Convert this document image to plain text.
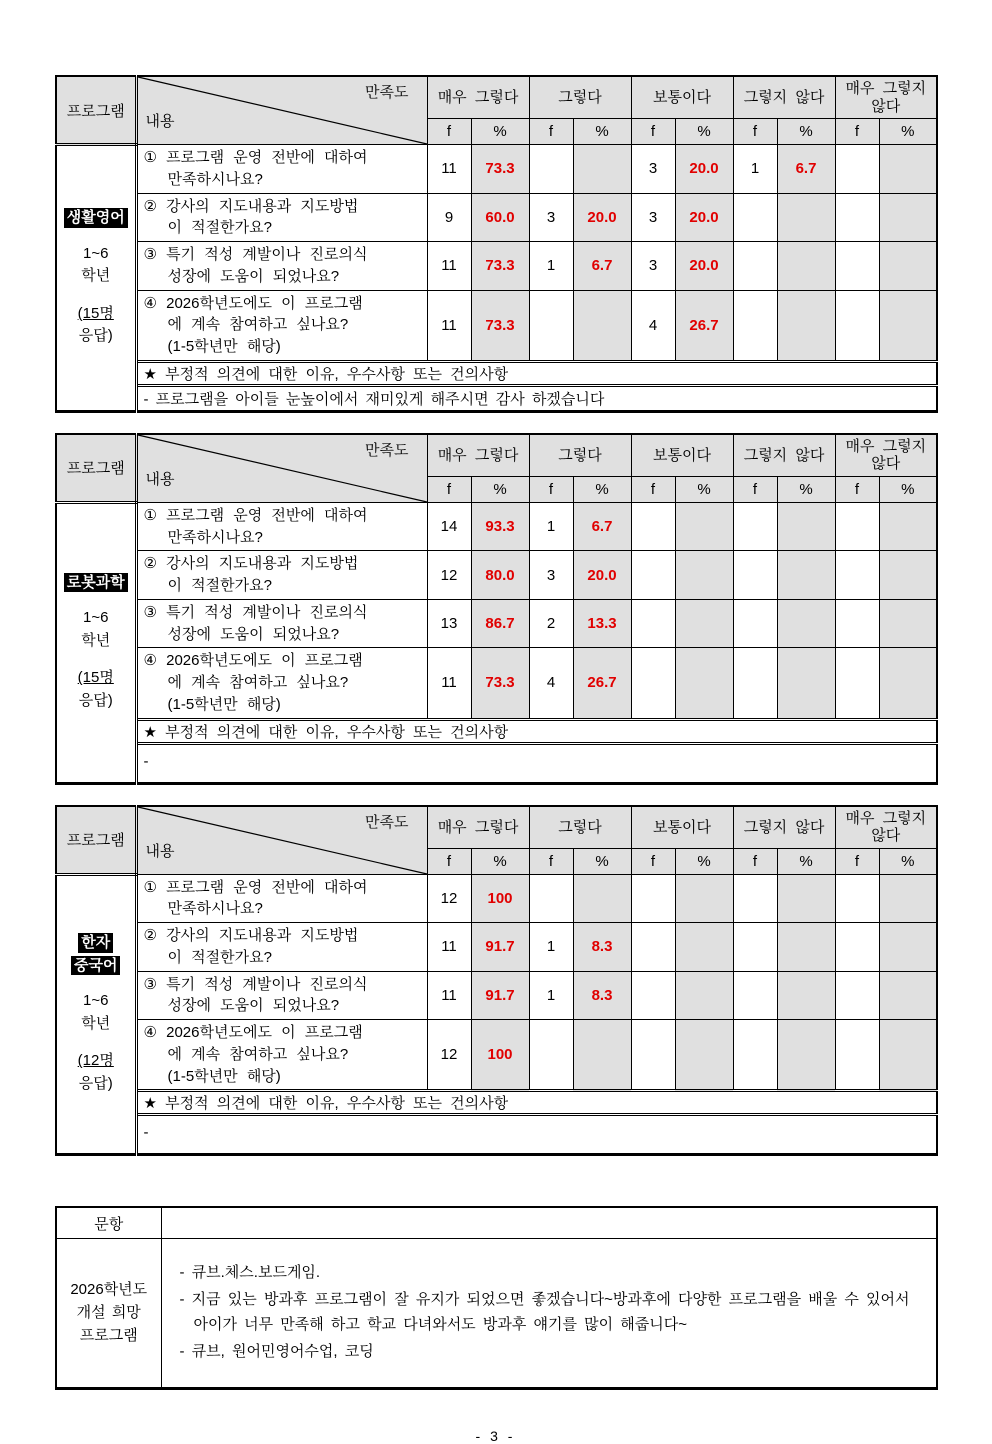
프로그램	만족도
내용	매우 그렇다		그렇다		보통이다		그렇지 않다		매우 그렇지 않다	
		f	%	f	%	f	%	f	%	f	%

생활영어
1~6
학년
(15명
응답)

① 프로그램 운영 전반에 대하여
만족하시나요?
	11	73.3			3	20.0	1	6.7		

	② 강사의 지도내용과 지도방법
이 적절한가요?	9	60.0	3	20.0	3	20.0				

	③ 특기 적성 계발이나 진로의식
성장에 도움이 되었나요?	11	73.3	1	6.7	3	20.0				

	④ 2026학년도에도 이 프로그램
에 계속 참여하고 싶나요?
(1-5학년만 해당)	11	73.3			4	26.7				
	★ 부정적 의견에 대한 이유, 우수사항 또는 건의사항										
	- 프로그램을 아이들 눈높이에서 재미있게 해주시면 감사 하겠습니다										
프로그램	만족도
내용	매우 그렇다		그렇다		보통이다		그렇지 않다		매우 그렇지 않다	
		f	%	f	%	f	%	f	%	f	%

로봇과학
1~6
학년
(15명
응답)

① 프로그램 운영 전반에 대하여
만족하시나요?
	14	93.3	1	6.7						

	② 강사의 지도내용과 지도방법
이 적절한가요?	12	80.0	3	20.0						

	③ 특기 적성 계발이나 진로의식
성장에 도움이 되었나요?	13	86.7	2	13.3						

	④ 2026학년도에도 이 프로그램
에 계속 참여하고 싶나요?
(1-5학년만 해당)	11	73.3	4	26.7						
	★ 부정적 의견에 대한 이유, 우수사항 또는 건의사항										
	-										
프로그램	만족도
내용	매우 그렇다		그렇다		보통이다		그렇지 않다		매우 그렇지 않다	
		f	%	f	%	f	%	f	%	f	%

한자
중국어
1~6
학년
(12명
응답)

① 프로그램 운영 전반에 대하여
만족하시나요?
	12	100								

	② 강사의 지도내용과 지도방법
이 적절한가요?	11	91.7	1	8.3						

	③ 특기 적성 계발이나 진로의식
성장에 도움이 되었나요?	11	91.7	1	8.3						

	④ 2026학년도에도 이 프로그램
에 계속 참여하고 싶나요?
(1-5학년만 해당)	12	100								
	★ 부정적 의견에 대한 이유, 우수사항 또는 건의사항										
	-										
문항	

2026학년도
개설 희망
프로그램

- 큐브.체스.보드게임.
- 지금 있는 방과후 프로그램이 잘 유지가 되었으면 좋겠습니다~방과후에 다양한 프로그램을 배울 수 있어서 아이가 너무 만족해 하고 학교 다녀와서도 방과후 얘기를 많이 해줍니다~
- 큐브, 원어민영어수업, 코딩
- 3 -
